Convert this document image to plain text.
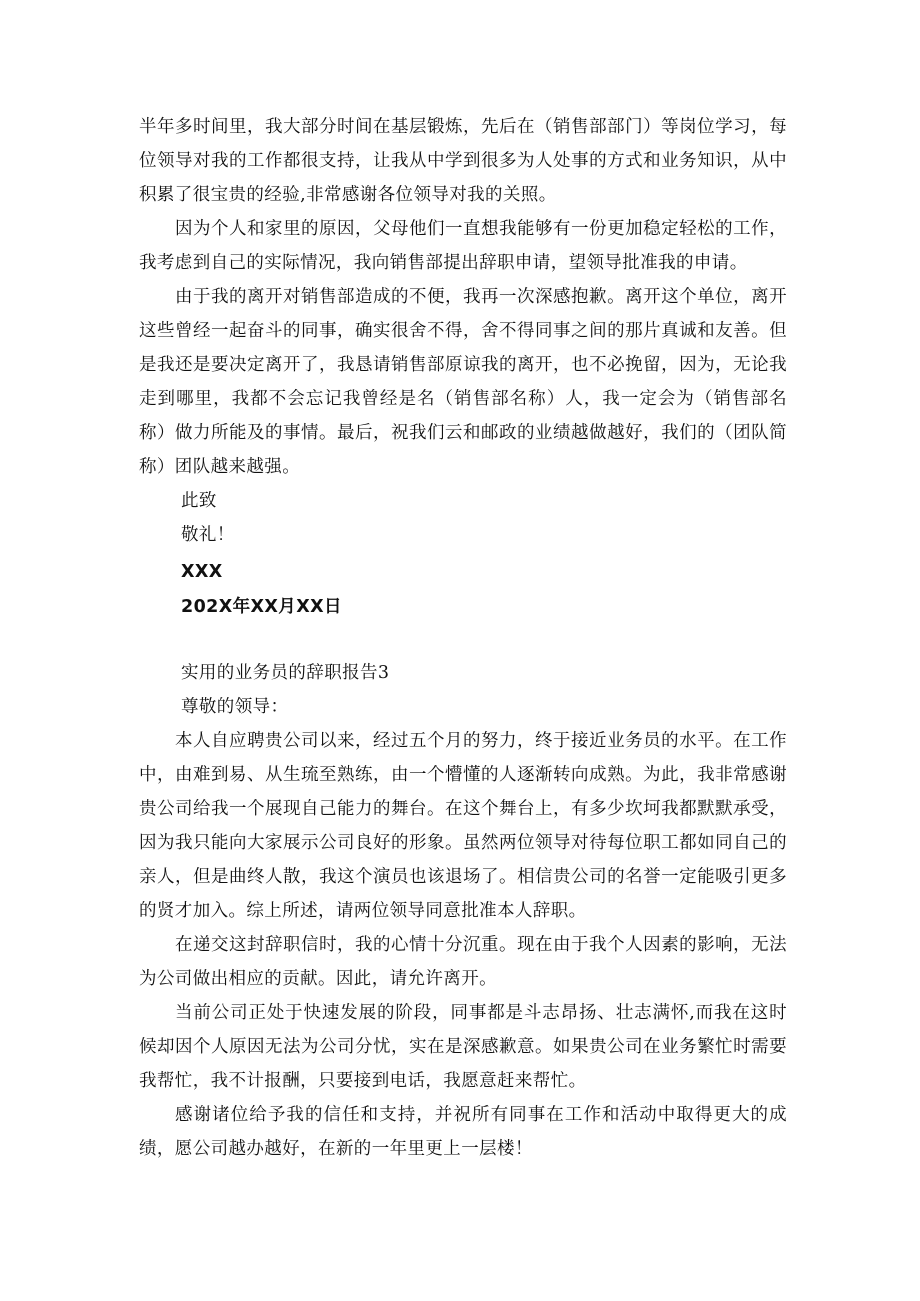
半年多时间里，我大部分时间在基层锻炼，先后在（销售部部门）等岗位学习，每位领导对我的工作都很支持，让我从中学到很多为人处事的方式和业务知识，从中积累了很宝贵的经验,非常感谢各位领导对我的关照。

因为个人和家里的原因，父母他们一直想我能够有一份更加稳定轻松的工作，我考虑到自己的实际情况，我向销售部提出辞职申请，望领导批准我的申请。

由于我的离开对销售部造成的不便，我再一次深感抱歉。离开这个单位，离开这些曾经一起奋斗的同事，确实很舍不得，舍不得同事之间的那片真诚和友善。但是我还是要决定离开了，我恳请销售部原谅我的离开，也不必挽留，因为，无论我走到哪里，我都不会忘记我曾经是名（销售部名称）人，我一定会为（销售部名称）做力所能及的事情。最后，祝我们云和邮政的业绩越做越好，我们的（团队简称）团队越来越强。

此致

敬礼！

XXX

202X年XX月XX日

实用的业务员的辞职报告3

尊敬的领导：

本人自应聘贵公司以来，经过五个月的努力，终于接近业务员的水平。在工作中，由难到易、从生琉至熟练，由一个懵懂的人逐渐转向成熟。为此，我非常感谢贵公司给我一个展现自己能力的舞台。在这个舞台上，有多少坎坷我都默默承受，因为我只能向大家展示公司良好的形象。虽然两位领导对待每位职工都如同自己的亲人，但是曲终人散，我这个演员也该退场了。相信贵公司的名誉一定能吸引更多的贤才加入。综上所述，请两位领导同意批准本人辞职。

在递交这封辞职信时，我的心情十分沉重。现在由于我个人因素的影响，无法为公司做出相应的贡献。因此，请允许离开。

当前公司正处于快速发展的阶段，同事都是斗志昂扬、壮志满怀,而我在这时候却因个人原因无法为公司分忧，实在是深感歉意。如果贵公司在业务繁忙时需要我帮忙，我不计报酬，只要接到电话，我愿意赶来帮忙。

感谢诸位给予我的信任和支持，并祝所有同事在工作和活动中取得更大的成绩，愿公司越办越好，在新的一年里更上一层楼！
